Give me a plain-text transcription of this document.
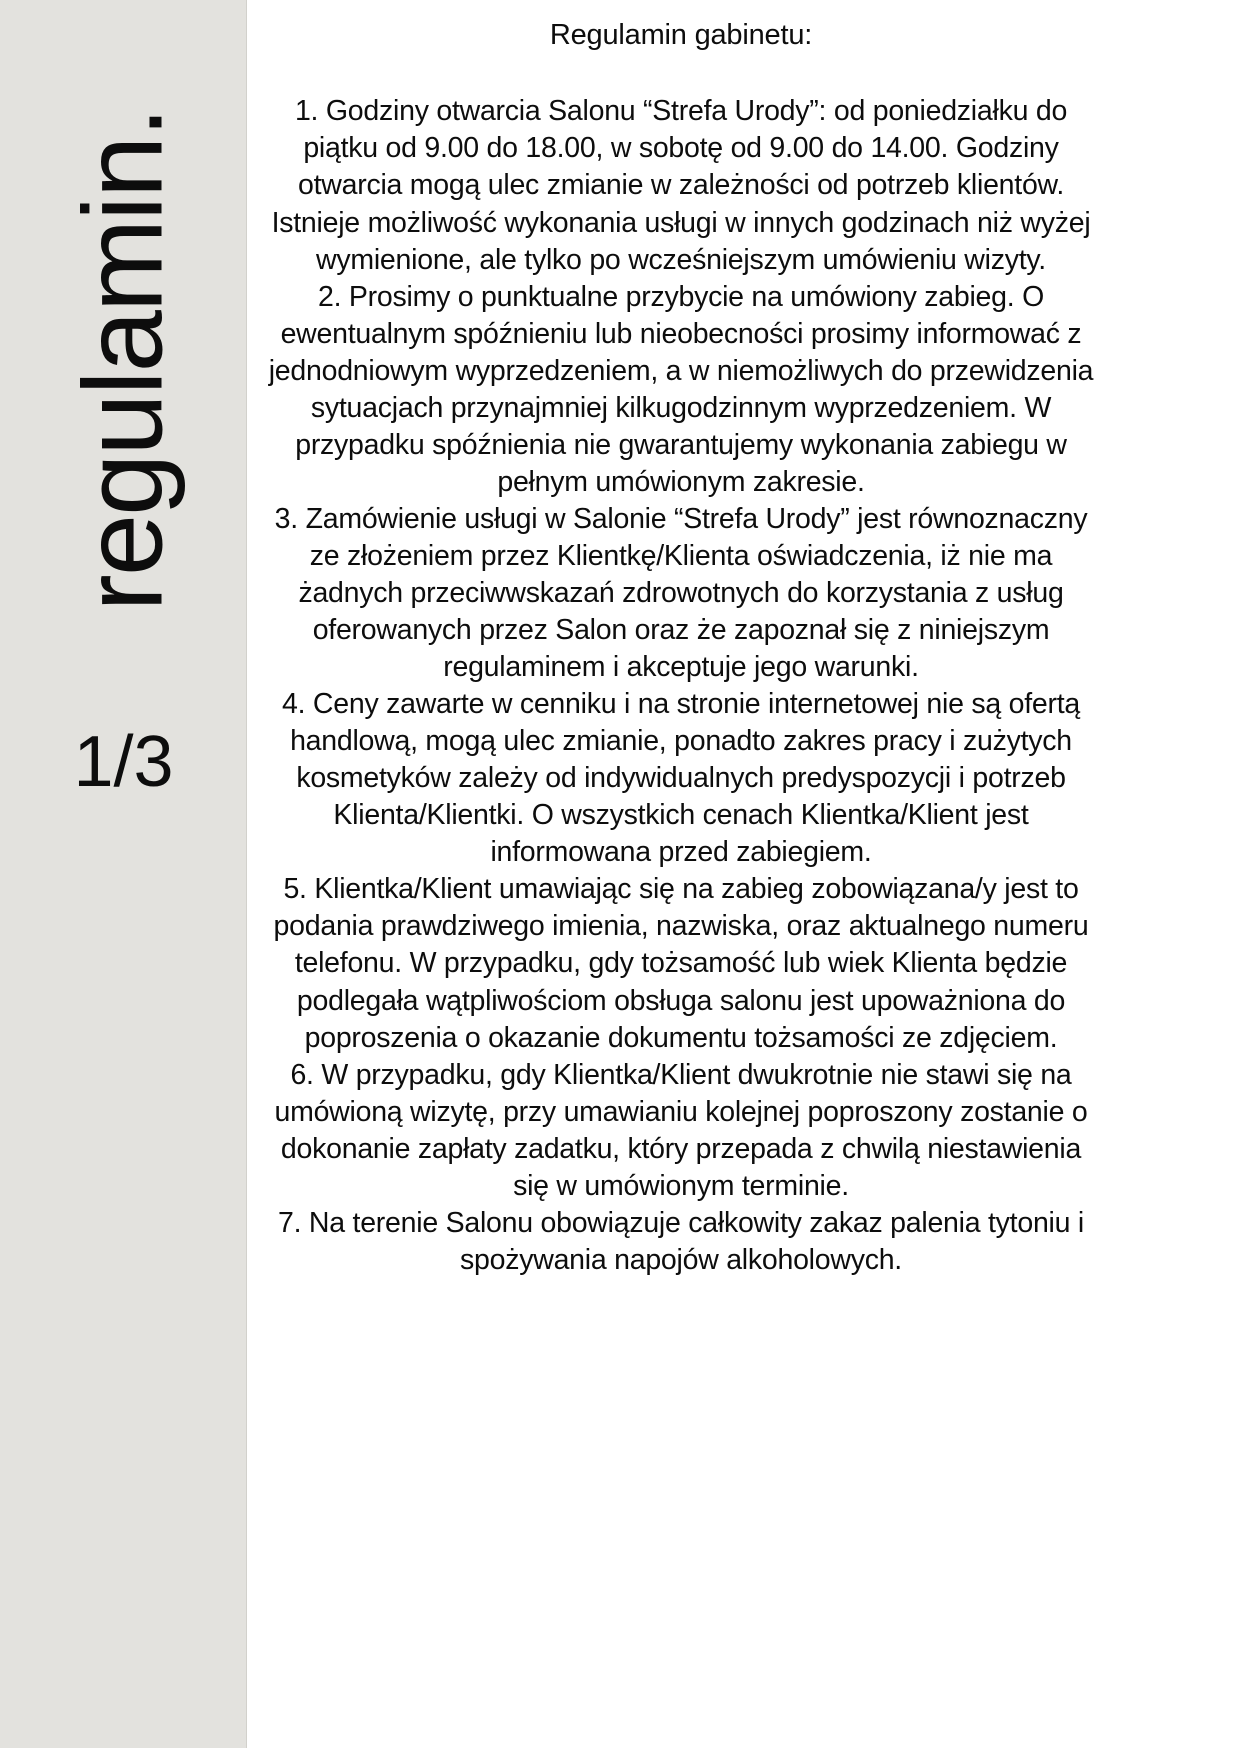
regulamin.
1/3
Regulamin gabinetu:
1. Godziny otwarcia Salonu “Strefa Urody”: od poniedziałku do piątku od 9.00 do 18.00, w sobotę od 9.00 do 14.00. Godziny otwarcia mogą ulec zmianie w zależności od potrzeb klientów. Istnieje możliwość wykonania usługi w innych godzinach niż wyżej wymienione, ale tylko po wcześniejszym umówieniu wizyty.
2. Prosimy o punktualne przybycie na umówiony zabieg. O ewentualnym spóźnieniu lub nieobecności prosimy informować z jednodniowym wyprzedzeniem, a w niemożliwych do przewidzenia sytuacjach przynajmniej kilkugodzinnym wyprzedzeniem. W przypadku spóźnienia nie gwarantujemy wykonania zabiegu w pełnym umówionym zakresie.
3. Zamówienie usługi w Salonie “Strefa Urody” jest równoznaczny ze złożeniem przez Klientkę/Klienta oświadczenia, iż nie ma żadnych przeciwwskazań zdrowotnych do korzystania z usług oferowanych przez Salon oraz że zapoznał się z niniejszym regulaminem i akceptuje jego warunki.
4. Ceny zawarte w cenniku i na stronie internetowej nie są ofertą handlową, mogą ulec zmianie, ponadto zakres pracy i zużytych kosmetyków zależy od indywidualnych predyspozycji i potrzeb Klienta/Klientki. O wszystkich cenach Klientka/Klient jest informowana przed zabiegiem.
5. Klientka/Klient umawiając się na zabieg zobowiązana/y jest to podania prawdziwego imienia, nazwiska, oraz aktualnego numeru telefonu. W przypadku, gdy tożsamość lub wiek Klienta będzie podlegała wątpliwościom obsługa salonu jest upoważniona do poproszenia o okazanie dokumentu tożsamości ze zdjęciem.
6. W przypadku, gdy Klientka/Klient dwukrotnie nie stawi się na umówioną wizytę, przy umawianiu kolejnej poproszony zostanie o dokonanie zapłaty zadatku, który przepada z chwilą niestawienia się w umówionym terminie.
7. Na terenie Salonu obowiązuje całkowity zakaz palenia tytoniu i spożywania napojów alkoholowych.
